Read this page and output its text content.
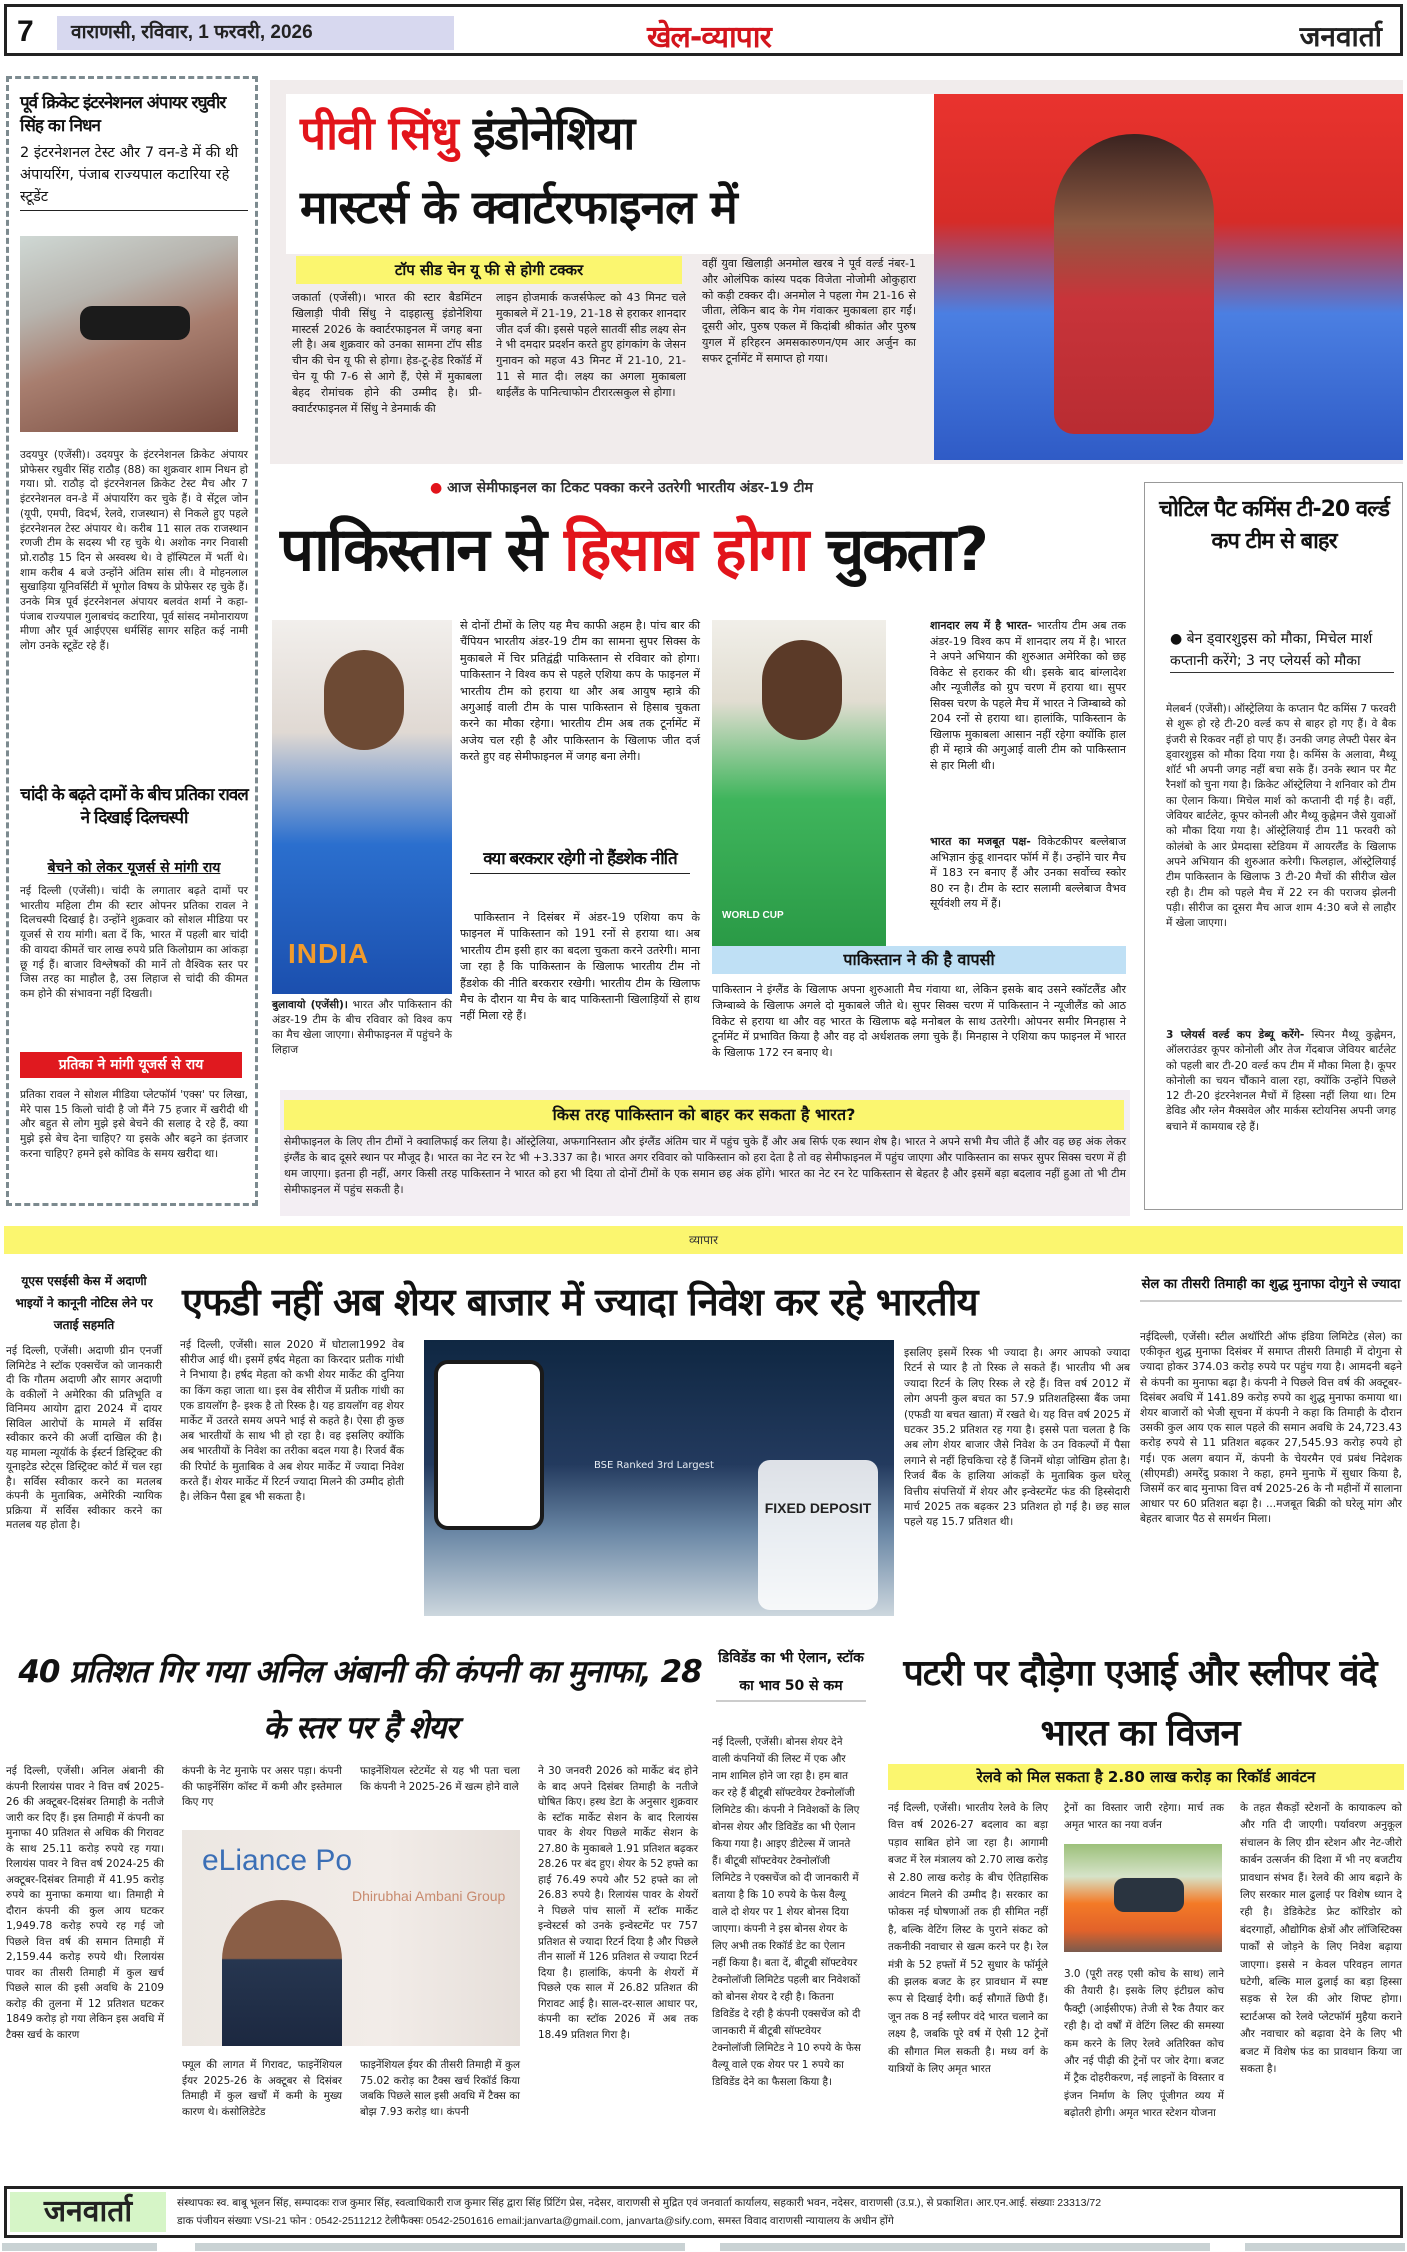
7	वाराणसी, रविवार, 1 फरवरी, 2026	खेल-व्यापार	जनवार्ता
पूर्व क्रिकेट इंटरनेशनल अंपायर रघुवीर सिंह का निधन
2 इंटरनेशनल टेस्ट और 7 वन-डे में की थी अंपायरिंग, पंजाब राज्यपाल कटारिया रहे स्टूडेंट
उदयपुर (एजेंसी)। उदयपुर के इंटरनेशनल क्रिकेट अंपायर प्रोफेसर रघुवीर सिंह राठौड़ (88) का शुक्रवार शाम निधन हो गया। प्रो. राठौड़ दो इंटरनेशनल क्रिकेट टेस्ट मैच और 7 इंटरनेशनल वन-डे में अंपायरिंग कर चुके हैं। वे सेंट्रल जोन (यूपी, एमपी, विदर्भ, रेलवे, राजस्थान) से निकले हुए पहले इंटरनेशनल टेस्ट अंपायर थे। करीब 11 साल तक राजस्थान रणजी टीम के सदस्य भी रह चुके थे। अशोक नगर निवासी प्रो.राठौड़ 15 दिन से अस्वस्थ थे। वे हॉस्पिटल में भर्ती थे। शाम करीब 4 बजे उन्होंने अंतिम सांस ली। वे मोहनलाल सुखाड़िया यूनिवर्सिटी में भूगोल विषय के प्रोफेसर रह चुके हैं। उनके मित्र पूर्व इंटरनेशनल अंपायर बलवंत शर्मा ने कहा- पंजाब राज्यपाल गुलाबचंद कटारिया, पूर्व सांसद नमोनारायण मीणा और पूर्व आईएएस धर्मसिंह सागर सहित कई नामी लोग उनके स्टूडेंट रहे हैं।
चांदी के बढ़ते दामों के बीच प्रतिका रावल ने दिखाई दिलचस्पी
बेचने को लेकर यूजर्स से मांगी राय
नई दिल्ली (एजेंसी)। चांदी के लगातार बढ़ते दामों पर भारतीय महिला टीम की स्टार ओपनर प्रतिका रावल ने दिलचस्पी दिखाई है। उन्होंने शुक्रवार को सोशल मीडिया पर यूजर्स से राय मांगी। बता दें कि, भारत में पहली बार चांदी की वायदा कीमतें चार लाख रुपये प्रति किलोग्राम का आंकड़ा छू गई हैं। बाजार विश्लेषकों की मानें तो वैश्विक स्तर पर जिस तरह का माहौल है, उस लिहाज से चांदी की कीमत कम होने की संभावना नहीं दिखती।
प्रतिका ने मांगी यूजर्स से राय
प्रतिका रावल ने सोशल मीडिया प्लेटफॉर्म 'एक्स' पर लिखा, मेरे पास 15 किलो चांदी है जो मैंने 75 हजार में खरीदी थी और बहुत से लोग मुझे इसे बेचने की सलाह दे रहे हैं, क्या मुझे इसे बेच देना चाहिए? या इसके और बढ़ने का इंतजार करना चाहिए? हमने इसे कोविड के समय खरीदा था।
पीवी सिंधु इंडोनेशिया
मास्टर्स के क्वार्टरफाइनल में
टॉप सीड चेन यू फी से होगी टक्कर
जकार्ता (एजेंसी)। भारत की स्टार बैडमिंटन खिलाड़ी पीवी सिंधु ने दाइहात्सु इंडोनेशिया मास्टर्स 2026 के क्वार्टरफाइनल में जगह बना ली है। अब शुक्रवार को उनका सामना टॉप सीड चीन की चेन यू फी से होगा। हेड-टू-हेड रिकॉर्ड में चेन यू फी 7-6 से आगे हैं, ऐसे में मुकाबला बेहद रोमांचक होने की उम्मीद है। प्री-क्वार्टरफाइनल में सिंधु ने डेनमार्क की
लाइन होजमार्क कजर्सफेल्ट को 43 मिनट चले मुकाबले में 21-19, 21-18 से हराकर शानदार जीत दर्ज की। इससे पहले सातवीं सीड लक्ष्य सेन ने भी दमदार प्रदर्शन करते हुए हांगकांग के जेसन गुनावन को महज 43 मिनट में 21-10, 21-11 से मात दी। लक्ष्य का अगला मुकाबला थाईलैंड के पानित्चाफोन टीरारत्सकुल से होगा।
वहीं युवा खिलाड़ी अनमोल खरब ने पूर्व वर्ल्ड नंबर-1 और ओलंपिक कांस्य पदक विजेता नोजोमी ओकुहारा को कड़ी टक्कर दी। अनमोल ने पहला गेम 21-16 से जीता, लेकिन बाद के गेम गंवाकर मुकाबला हार गईं। दूसरी ओर, पुरुष एकल में किदांबी श्रीकांत और पुरुष युगल में हरिहरन अमसकारुणन/एम आर अर्जुन का सफर टूर्नामेंट में समाप्त हो गया।
● आज सेमीफाइनल का टिकट पक्का करने उतरेगी भारतीय अंडर-19 टीम
पाकिस्तान से हिसाब होगा चुकता?
INDIA
बुलावायो (एजेंसी)। भारत और पाकिस्तान की अंडर-19 टीम के बीच रविवार को विश्व कप का मैच खेला जाएगा। सेमीफाइनल में पहुंचने के लिहाज
से दोनों टीमों के लिए यह मैच काफी अहम है। पांच बार की चैंपियन भारतीय अंडर-19 टीम का सामना सुपर सिक्स के मुकाबले में चिर प्रतिद्वंद्वी पाकिस्तान से रविवार को होगा। पाकिस्तान ने विश्व कप से पहले एशिया कप के फाइनल में भारतीय टीम को हराया था और अब आयुष म्हात्रे की अगुआई वाली टीम के पास पाकिस्तान से हिसाब चुकता करने का मौका रहेगा। भारतीय टीम अब तक टूर्नामेंट में अजेय चल रही है और पाकिस्तान के खिलाफ जीत दर्ज करते हुए वह सेमीफाइनल में जगह बना लेगी।
क्या बरकरार रहेगी नो हैंडशेक नीति
पाकिस्तान ने दिसंबर में अंडर-19 एशिया कप के फाइनल में पाकिस्तान को 191 रनों से हराया था। अब भारतीय टीम इसी हार का बदला चुकता करने उतरेगी। माना जा रहा है कि पाकिस्तान के खिलाफ भारतीय टीम नो हैंडशेक की नीति बरकरार रखेगी। भारतीय टीम के खिलाफ मैच के दौरान या मैच के बाद पाकिस्तानी खिलाड़ियों से हाथ नहीं मिला रहे हैं।
WORLD CUP
शानदार लय में है भारत- भारतीय टीम अब तक अंडर-19 विश्व कप में शानदार लय में है। भारत ने अपने अभियान की शुरुआत अमेरिका को छह विकेट से हराकर की थी। इसके बाद बांग्लादेश और न्यूजीलैंड को ग्रुप चरण में हराया था। सुपर सिक्स चरण के पहले मैच में भारत ने जिम्बाब्वे को 204 रनों से हराया था। हालांकि, पाकिस्तान के खिलाफ मुकाबला आसान नहीं रहेगा क्योंकि हाल ही में म्हात्रे की अगुआई वाली टीम को पाकिस्तान से हार मिली थी।
भारत का मजबूत पक्ष- विकेटकीपर बल्लेबाज अभिज्ञान कुंडू शानदार फॉर्म में हैं। उन्होंने चार मैच में 183 रन बनाए हैं और उनका सर्वोच्च स्कोर 80 रन है। टीम के स्टार सलामी बल्लेबाज वैभव सूर्यवंशी लय में हैं।
पाकिस्तान ने की है वापसी
पाकिस्तान ने इंग्लैंड के खिलाफ अपना शुरुआती मैच गंवाया था, लेकिन इसके बाद उसने स्कॉटलैंड और जिम्बाब्वे के खिलाफ अगले दो मुकाबले जीते थे। सुपर सिक्स चरण में पाकिस्तान ने न्यूजीलैंड को आठ विकेट से हराया था और वह भारत के खिलाफ बढ़े मनोबल के साथ उतरेगी। ओपनर समीर मिनहास ने टूर्नामेंट में प्रभावित किया है और वह दो अर्धशतक लगा चुके हैं। मिनहास ने एशिया कप फाइनल में भारत के खिलाफ 172 रन बनाए थे।
किस तरह पाकिस्तान को बाहर कर सकता है भारत?
सेमीफाइनल के लिए तीन टीमों ने क्वालिफाई कर लिया है। ऑस्ट्रेलिया, अफगानिस्तान और इंग्लैंड अंतिम चार में पहुंच चुके हैं और अब सिर्फ एक स्थान शेष है। भारत ने अपने सभी मैच जीते हैं और वह छह अंक लेकर इंग्लैंड के बाद दूसरे स्थान पर मौजूद है। भारत का नेट रन रेट भी +3.337 का है। भारत अगर रविवार को पाकिस्तान को हरा देता है तो वह सेमीफाइनल में पहुंच जाएगा और पाकिस्तान का सफर सुपर सिक्स चरण में ही थम जाएगा। इतना ही नहीं, अगर किसी तरह पाकिस्तान ने भारत को हरा भी दिया तो दोनों टीमों के एक समान छह अंक होंगे। भारत का नेट रन रेट पाकिस्तान से बेहतर है और इसमें बड़ा बदलाव नहीं हुआ तो भी टीम सेमीफाइनल में पहुंच सकती है।
चोटिल पैट कमिंस टी-20 वर्ल्ड कप टीम से बाहर
● बेन ड्वारशुइस को मौका, मिचेल मार्श कप्तानी करेंगे; 3 नए प्लेयर्स को मौका
मेलबर्न (एजेंसी)। ऑस्ट्रेलिया के कप्तान पैट कमिंस 7 फरवरी से शुरू हो रहे टी-20 वर्ल्ड कप से बाहर हो गए हैं। वे बैक इंजरी से रिकवर नहीं हो पाए हैं। उनकी जगह लेफ्टी पेसर बेन ड्वारशुइस को मौका दिया गया है। कमिंस के अलावा, मैथ्यू शॉर्ट भी अपनी जगह नहीं बचा सके हैं। उनके स्थान पर मैट रैनशॉ को चुना गया है। क्रिकेट ऑस्ट्रेलिया ने शनिवार को टीम का ऐलान किया। मिचेल मार्श को कप्तानी दी गई है। वहीं, जेवियर बार्टलेट, कूपर कोनली और मैथ्यू कुह्नेमन जैसे युवाओं को मौका दिया गया है। ऑस्ट्रेलियाई टीम 11 फरवरी को कोलंबो के आर प्रेमदासा स्टेडियम में आयरलैंड के खिलाफ अपने अभियान की शुरुआत करेगी। फिलहाल, ऑस्ट्रेलियाई टीम पाकिस्तान के खिलाफ 3 टी-20 मैचों की सीरीज खेल रही है। टीम को पहले मैच में 22 रन की पराजय झेलनी पड़ी। सीरीज का दूसरा मैच आज शाम 4:30 बजे से लाहौर में खेला जाएगा।
3 प्लेयर्स वर्ल्ड कप डेब्यू करेंगे- स्पिनर मैथ्यू कुह्नेमन, ऑलराउंडर कूपर कोनोली और तेज गेंदबाज जेवियर बार्टलेट को पहली बार टी-20 वर्ल्ड कप टीम में मौका मिला है। कूपर कोनोली का चयन चौंकाने वाला रहा, क्योंकि उन्होंने पिछले 12 टी-20 इंटरनेशनल मैचों में हिस्सा नहीं लिया था। टिम डेविड और ग्लेन मैक्सवेल और मार्कस स्टोयनिस अपनी जगह बचाने में कामयाब रहे हैं।
व्यापार
यूएस एसईसी केस में अदाणी भाइयों ने कानूनी नोटिस लेने पर जताई सहमति
नई दिल्ली, एजेंसी। अदाणी ग्रीन एनर्जी लिमिटेड ने स्टॉक एक्सचेंज को जानकारी दी कि गौतम अदाणी और सागर अदाणी के वकीलों ने अमेरिका की प्रतिभूति व विनिमय आयोग द्वारा 2024 में दायर सिविल आरोपों के मामले में सर्विस स्वीकार करने की अर्जी दाखिल की है। यह मामला न्यूयॉर्क के ईस्टर्न डिस्ट्रिक्ट की यूनाइटेड स्टेट्स डिस्ट्रिक्ट कोर्ट में चल रहा है। सर्विस स्वीकार करने का मतलब कंपनी के मुताबिक, अमेरिकी न्यायिक प्रक्रिया में सर्विस स्वीकार करने का मतलब यह होता है।
एफडी नहीं अब शेयर बाजार में ज्यादा निवेश कर रहे भारतीय
नई दिल्ली, एजेंसी। साल 2020 में घोटाला1992 वेब सीरीज आई थी। इसमें हर्षद मेहता का किरदार प्रतीक गांधी ने निभाया है। हर्षद मेहता को कभी शेयर मार्केट की दुनिया का किंग कहा जाता था। इस वेब सीरीज में प्रतीक गांधी का एक डायलॉग है- इश्क है तो रिस्क है। यह डायलॉग वह शेयर मार्केट में उतरते समय अपने भाई से कहते है। ऐसा ही कुछ अब भारतीयों के साथ भी हो रहा है। वह इसलिए क्योंकि अब भारतीयों के निवेश का तरीका बदल गया है। रिजर्व बैंक की रिपोर्ट के मुताबिक वे अब शेयर मार्केट में ज्यादा निवेश करते हैं। शेयर मार्केट में रिटर्न ज्यादा मिलने की उम्मीद होती है। लेकिन पैसा डूब भी सकता है।
BSE Ranked 3rd Largest
FIXED DEPOSIT
इसलिए इसमें रिस्क भी ज्यादा है। अगर आपको ज्यादा रिटर्न से प्यार है तो रिस्क ले सकते हैं। भारतीय भी अब ज्यादा रिटर्न के लिए रिस्क ले रहे हैं। वित्त वर्ष 2012 में लोग अपनी कुल बचत का 57.9 प्रतिशतहिस्सा बैंक जमा (एफडी या बचत खाता) में रखते थे। यह वित्त वर्ष 2025 में घटकर 35.2 प्रतिशत रह गया है। इससे पता चलता है कि अब लोग शेयर बाजार जैसे निवेश के उन विकल्पों में पैसा लगाने से नहीं हिचकिचा रहे हैं जिनमें थोड़ा जोखिम होता है। रिजर्व बैंक के हालिया आंकड़ों के मुताबिक कुल घरेलू वित्तीय संपत्तियों में शेयर और इन्वेस्टमेंट फंड की हिस्सेदारी मार्च 2025 तक बढ़कर 23 प्रतिशत हो गई है। छह साल पहले यह 15.7 प्रतिशत थी।
सेल का तीसरी तिमाही का शुद्ध मुनाफा दोगुने से ज्यादा
नईदिल्ली, एजेंसी। स्टील अथॉरिटी ऑफ इंडिया लिमिटेड (सेल) का एकीकृत शुद्ध मुनाफा दिसंबर में समाप्त तीसरी तिमाही में दोगुना से ज्यादा होकर 374.03 करोड़ रुपये पर पहुंच गया है। आमदनी बढ़ने से कंपनी का मुनाफा बढ़ा है। कंपनी ने पिछले वित्त वर्ष की अक्टूबर-दिसंबर अवधि में 141.89 करोड़ रुपये का शुद्ध मुनाफा कमाया था। शेयर बाजारों को भेजी सूचना में कंपनी ने कहा कि तिमाही के दौरान उसकी कुल आय एक साल पहले की समान अवधि के 24,723.43 करोड़ रुपये से 11 प्रतिशत बढ़कर 27,545.93 करोड़ रुपये हो गई। एक अलग बयान में, कंपनी के चेयरमैन एवं प्रबंध निदेशक (सीएमडी) अमरेंदु प्रकाश ने कहा, हमने मुनाफे में सुधार किया है, जिसमें कर बाद मुनाफा वित्त वर्ष 2025-26 के नौ महीनों में सालाना आधार पर 60 प्रतिशत बढ़ा है। ...मजबूत बिक्री को घरेलू मांग और बेहतर बाजार पैठ से समर्थन मिला।
40 प्रतिशत गिर गया अनिल अंबानी की कंपनी का मुनाफा, 28 के स्तर पर है शेयर
नई दिल्ली, एजेंसी। अनिल अंबानी की कंपनी रिलायंस पावर ने वित्त वर्ष 2025-26 की अक्टूबर-दिसंबर तिमाही के नतीजे जारी कर दिए हैं। इस तिमाही में कंपनी का मुनाफा 40 प्रतिशत से अधिक की गिरावट के साथ 25.11 करोड़ रुपये रह गया। रिलायंस पावर ने वित्त वर्ष 2024-25 की अक्टूबर-दिसंबर तिमाही में 41.95 करोड़ रुपये का मुनाफा कमाया था। तिमाही मे दौरान कंपनी की कुल आय घटकर 1,949.78 करोड़ रुपये रह गई जो पिछले वित्त वर्ष की समान तिमाही में 2,159.44 करोड़ रुपये थी। रिलायंस पावर का तीसरी तिमाही में कुल खर्च पिछले साल की इसी अवधि के 2109 करोड़ की तुलना में 12 प्रतिशत घटकर 1849 करोड़ हो गया लेकिन इस अवधि में टैक्स खर्च के कारण
कंपनी के नेट मुनाफे पर असर पड़ा। कंपनी की फाइनेंसिंग कॉस्ट में कमी और इस्तेमाल किए गए
फाइनेंशियल स्टेटमेंट से यह भी पता चला कि कंपनी ने 2025-26 में खत्म होने वाले
eLiance Po
Dhirubhai Ambani Group
फ्यूल की लागत में गिरावट, फाइनेंशियल ईयर 2025-26 के अक्टूबर से दिसंबर तिमाही में कुल खर्चों में कमी के मुख्य कारण थे। कंसोलिडेटेड
फाइनेंशियल ईयर की तीसरी तिमाही में कुल 75.02 करोड़ का टैक्स खर्च रिकॉर्ड किया जबकि पिछले साल इसी अवधि में टैक्स का बोझ 7.93 करोड़ था। कंपनी
ने 30 जनवरी 2026 को मार्केट बंद होने के बाद अपने दिसंबर तिमाही के नतीजे घोषित किए। हस्थ डेटा के अनुसार शुक्रवार के स्टॉक मार्केट सेशन के बाद रिलायंस पावर के शेयर पिछले मार्केट सेशन के 27.80 के मुकाबले 1.91 प्रतिशत बढ़कर 28.26 पर बंद हुए। शेयर के 52 हफ्ते का हाई 76.49 रुपये और 52 हफ्ते का लो 26.83 रुपये है। रिलायंस पावर के शेयरों ने पिछले पांच सालों में स्टॉक मार्केट इन्वेस्टर्स को उनके इन्वेस्टमेंट पर 757 प्रतिशत से ज्यादा रिटर्न दिया है और पिछले तीन सालों में 126 प्रतिशत से ज्यादा रिटर्न दिया है। हालांकि, कंपनी के शेयरों में पिछले एक साल में 26.82 प्रतिशत की गिरावट आई है। साल-दर-साल आधार पर, कंपनी का स्टॉक 2026 में अब तक 18.49 प्रतिशत गिरा है।
डिविडेंड का भी ऐलान, स्टॉक का भाव 50 से कम
नई दिल्ली, एजेंसी। बोनस शेयर देने वाली कंपनियों की लिस्ट में एक और नाम शामिल होने जा रहा है। हम बात कर रहे हैं बीटूबी सॉफ्टवेयर टेक्नोलॉजी लिमिटेड की। कंपनी ने निवेशकों के लिए बोनस शेयर और डिविडेंड का भी ऐलान किया गया है। आइए डीटेल्स में जानते हैं। बीटूबी सॉफ्टवेयर टेक्नोलॉजी लिमिटेड ने एक्सचेंज को दी जानकारी में बताया है कि 10 रुपये के फेस वैल्यू वाले दो शेयर पर 1 शेयर बोनस दिया जाएगा। कंपनी ने इस बोनस शेयर के लिए अभी तक रिकॉर्ड डेट का ऐलान नहीं किया है। बता दें, बीटूबी सॉफ्टवेयर टेक्नोलॉजी लिमिटेड पहली बार निवेशकों को बोनस शेयर दे रही है। कितना डिविडेंड दे रही है कंपनी एक्सचेंज को दी जानकारी में बीटूबी सॉफ्टवेयर टेक्नोलॉजी लिमिटेड ने 10 रुपये के फेस वैल्यू वाले एक शेयर पर 1 रुपये का डिविडेंड देने का फैसला किया है।
पटरी पर दौड़ेगा एआई और स्लीपर वंदे भारत का विजन
रेलवे को मिल सकता है 2.80 लाख करोड़ का रिकॉर्ड आवंटन
नई दिल्ली, एजेंसी। भारतीय रेलवे के लिए वित्त वर्ष 2026-27 बदलाव का बड़ा पड़ाव साबित होने जा रहा है। आगामी बजट में रेल मंत्रालय को 2.70 लाख करोड़ से 2.80 लाख करोड़ के बीच ऐतिहासिक आवंटन मिलने की उम्मीद है। सरकार का फोकस नई घोषणाओं तक ही सीमित नहीं है, बल्कि वेटिंग लिस्ट के पुराने संकट को तकनीकी नवाचार से खत्म करने पर है। रेल मंत्री के 52 हफ्तों में 52 सुधार के फॉर्मूले की झलक बजट के हर प्रावधान में स्पष्ट रूप से दिखाई देगी। कई सौगातें छिपी हैं। जून तक 8 नई स्लीपर वंदे भारत चलाने का लक्ष्य है, जबकि पूरे वर्ष में ऐसी 12 ट्रेनों की सौगात मिल सकती है। मध्य वर्ग के यात्रियों के लिए अमृत भारत
ट्रेनों का विस्तार जारी रहेगा। मार्च तक अमृत भारत का नया वर्जन
3.0 (पूरी तरह एसी कोच के साथ) लाने की तैयारी है। इसके लिए इंटीग्रल कोच फैक्ट्री (आईसीएफ) तेजी से रैक तैयार कर रही है। दो वर्षों में वेटिंग लिस्ट की समस्या कम करने के लिए रेलवे अतिरिक्त कोच और नई पीढ़ी की ट्रेनों पर जोर देगा। बजट में ट्रैक दोहरीकरण, नई लाइनों के विस्तार व इंजन निर्माण के लिए पूंजीगत व्यय में बढ़ोतरी होगी। अमृत भारत स्टेशन योजना
के तहत सैकड़ों स्टेशनों के कायाकल्प को और गति दी जाएगी। पर्यावरण अनुकूल संचालन के लिए ग्रीन स्टेशन और नेट-जीरो कार्बन उत्सर्जन की दिशा में भी नए बजटीय प्रावधान संभव हैं। रेलवे की आय बढ़ाने के लिए सरकार माल ढुलाई पर विशेष ध्यान दे रही है। डेडिकेटेड फ्रेट कॉरिडोर को बंदरगाहों, औद्योगिक क्षेत्रों और लॉजिस्टिक्स पार्कों से जोड़ने के लिए निवेश बढ़ाया जाएगा। इससे न केवल परिवहन लागत घटेगी, बल्कि माल ढुलाई का बड़ा हिस्सा सड़क से रेल की ओर शिफ्ट होगा। स्टार्टअप्स को रेलवे प्लेटफॉर्म मुहैया कराने और नवाचार को बढ़ावा देने के लिए भी बजट में विशेष फंड का प्रावधान किया जा सकता है।
जनवार्ता	संस्थापकः स्व. बाबू भूलन सिंह, सम्पादकः राज कुमार सिंह, स्वत्वाधिकारी राज कुमार सिंह द्वारा सिंह प्रिंटिंग प्रेस, नदेसर, वाराणसी से मुद्रित एवं जनवार्ता कार्यालय, सहकारी भवन, नदेसर, वाराणसी (उ.प्र.), से प्रकाशित। आर.एन.आई. संख्याः 23313/72
डाक पंजीयन संख्याः VSI-21 फोन : 0542-2511212 टेलीफैक्सः 0542-2501616 email:janvarta@gmail.com, janvarta@sify.com, समस्त विवाद वाराणसी न्यायालय के अधीन होंगे
